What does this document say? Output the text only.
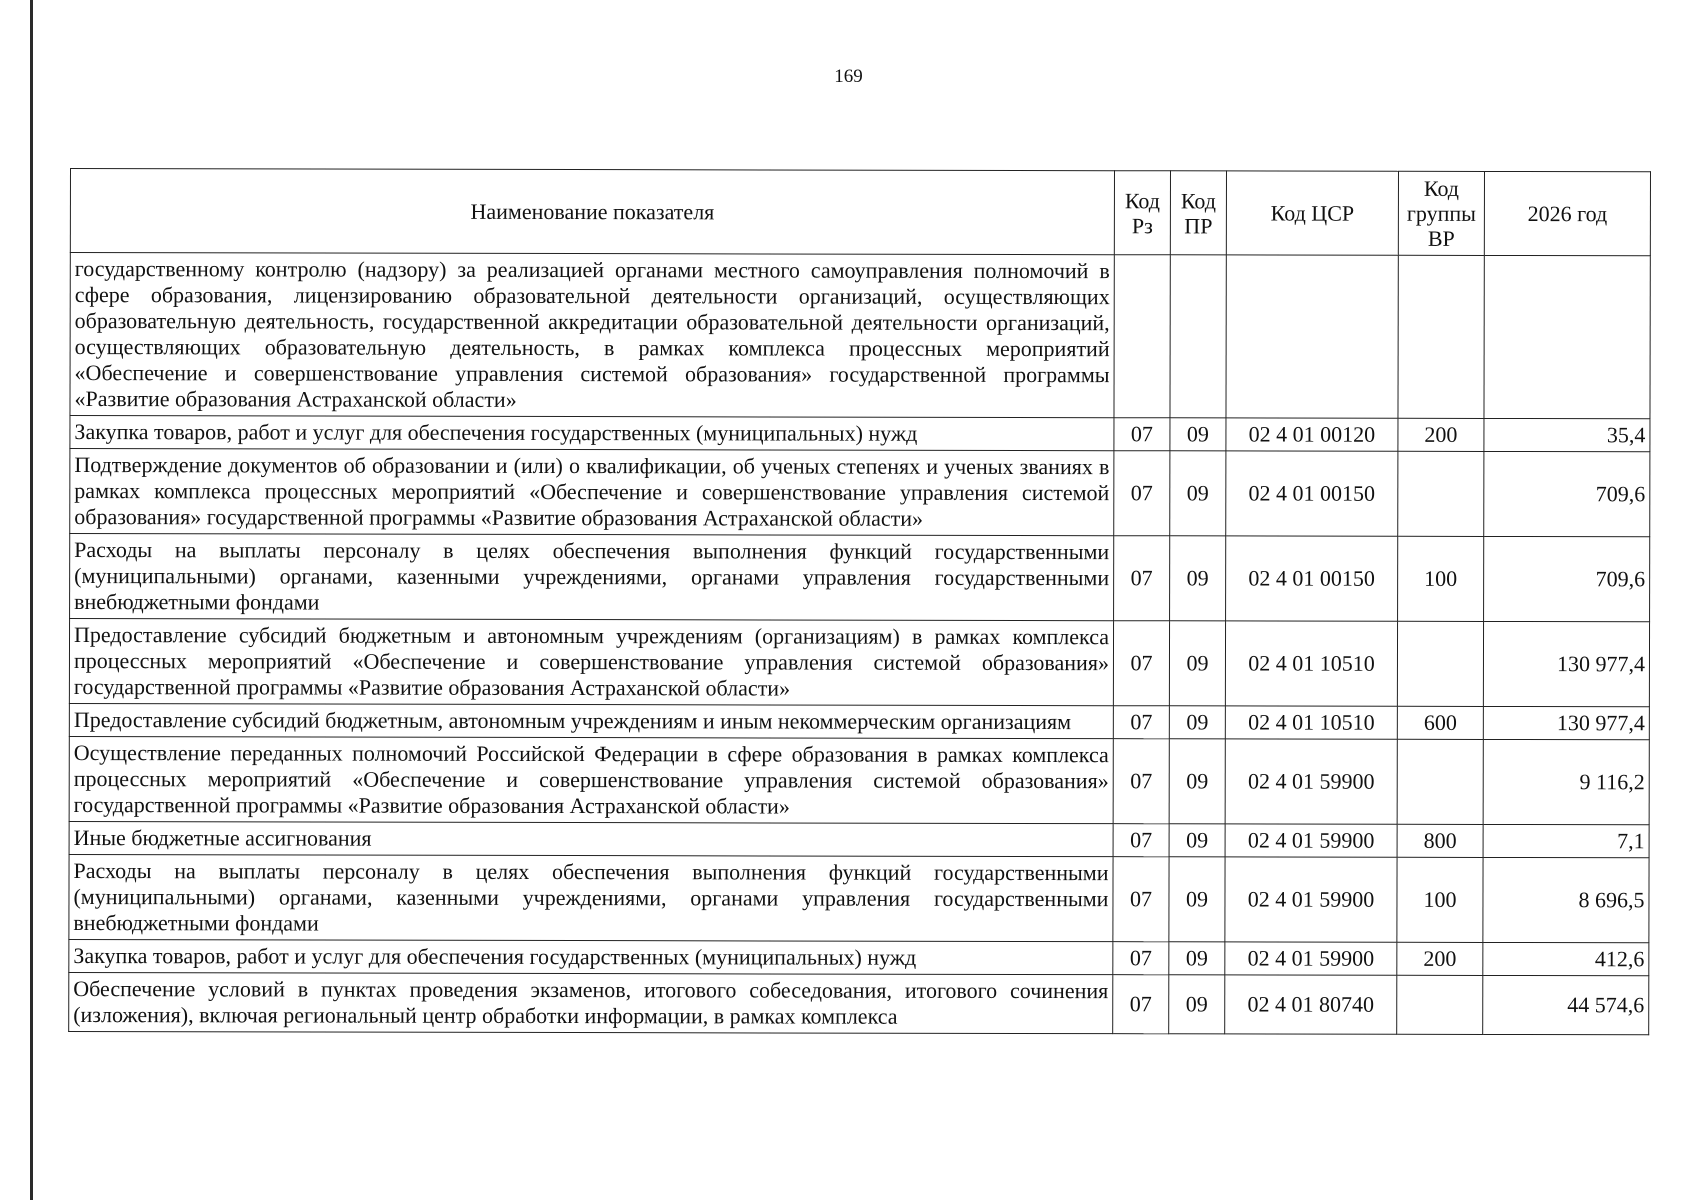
169
Наименование показателя	Код Рз	Код ПР	Код ЦСР	Код группы ВР	2026 год
государственному контролю (надзору) за реализацией органами местного самоуправления полномочий в сфере образования, лицензированию образовательной деятельности организаций, осуществляющих образовательную деятельность, государственной аккредитации образовательной деятельности организаций, осуществляющих образовательную деятельность, в рамках комплекса процессных мероприятий «Обеспечение и совершенствование управления системой образования» государственной программы «Развитие образования Астраханской области»					
Закупка товаров, работ и услуг для обеспечения государственных (муниципальных) нужд	07	09	02 4 01 00120	200	35,4
Подтверждение документов об образовании и (или) о квалификации, об ученых степенях и ученых званиях в рамках комплекса процессных мероприятий «Обеспечение и совершенствование управления системой образования» государственной программы «Развитие образования Астраханской области»	07	09	02 4 01 00150		709,6
Расходы на выплаты персоналу в целях обеспечения выполнения функций государственными (муниципальными) органами, казенными учреждениями, органами управления государственными внебюджетными фондами	07	09	02 4 01 00150	100	709,6
Предоставление субсидий бюджетным и автономным учреждениям (организациям) в рамках комплекса процессных мероприятий «Обеспечение и совершенствование управления системой образования» государственной программы «Развитие образования Астраханской области»	07	09	02 4 01 10510		130 977,4
Предоставление субсидий бюджетным, автономным учреждениям и иным некоммерческим организациям	07	09	02 4 01 10510	600	130 977,4
Осуществление переданных полномочий Российской Федерации в сфере образования в рамках комплекса процессных мероприятий «Обеспечение и совершенствование управления системой образования» государственной программы «Развитие образования Астраханской области»	07	09	02 4 01 59900		9 116,2
Иные бюджетные ассигнования	07	09	02 4 01 59900	800	7,1
Расходы на выплаты персоналу в целях обеспечения выполнения функций государственными (муниципальными) органами, казенными учреждениями, органами управления государственными внебюджетными фондами	07	09	02 4 01 59900	100	8 696,5
Закупка товаров, работ и услуг для обеспечения государственных (муниципальных) нужд	07	09	02 4 01 59900	200	412,6
Обеспечение условий в пунктах проведения экзаменов, итогового собеседования, итогового сочинения (изложения), включая региональный центр обработки информации, в рамках комплекса	07	09	02 4 01 80740		44 574,6
